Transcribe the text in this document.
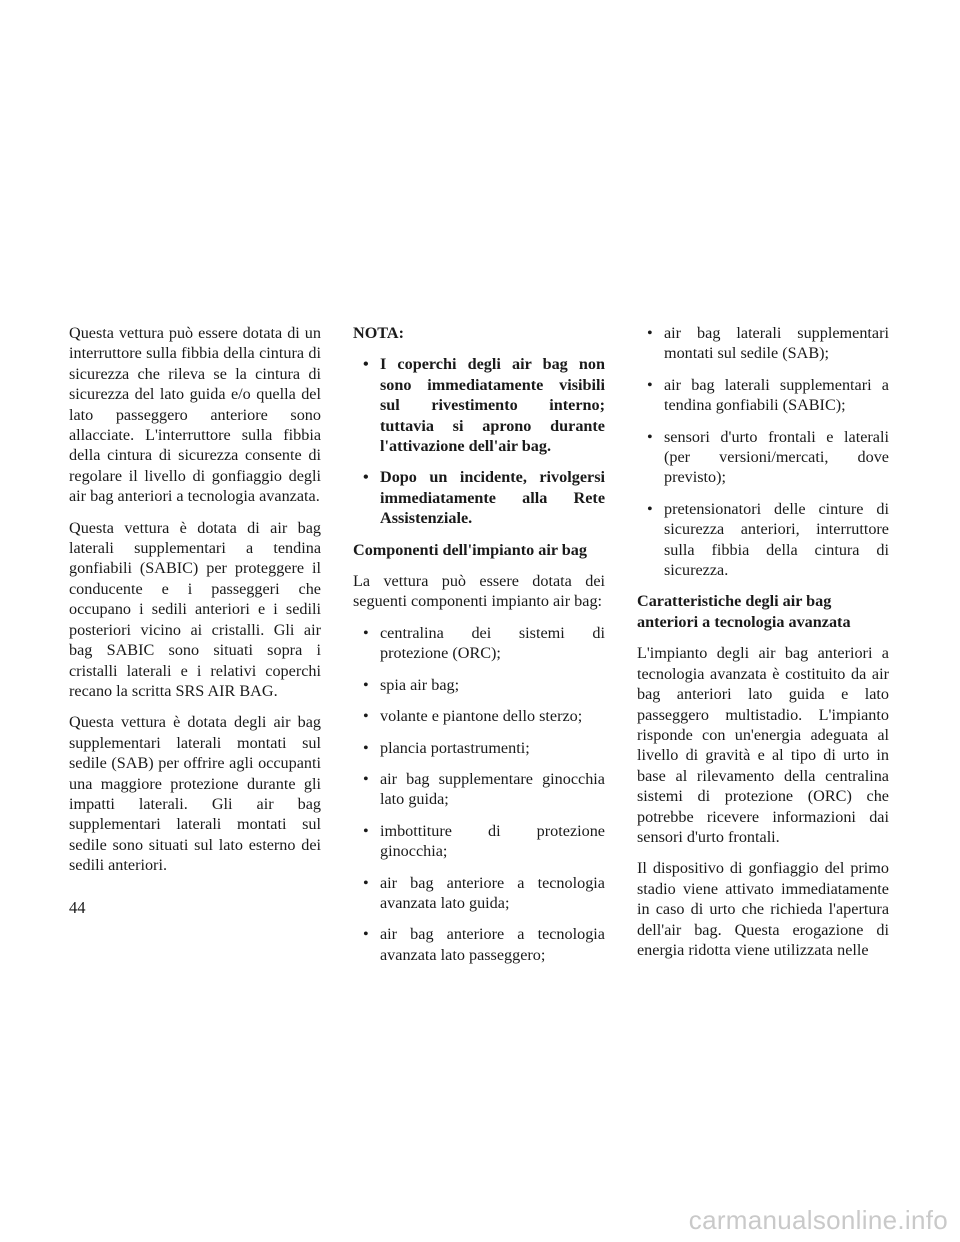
Questa vettura può essere dotata di un interruttore sulla fibbia della cintura di sicurezza che rileva se la cintura di sicurezza del lato guida e/o quella del lato passeggero anteriore sono allacciate. L'interruttore sulla fibbia della cintura di sicurezza consente di regolare il livello di gonfiaggio degli air bag anteriori a tecnologia avanzata.

Questa vettura è dotata di air bag laterali supplementari a tendina gonfiabili (SABIC) per proteggere il conducente e i passeggeri che occupano i sedili anteriori e i sedili posteriori vicino ai cristalli. Gli air bag SABIC sono situati sopra i cristalli laterali e i relativi coperchi recano la scritta SRS AIR BAG.

Questa vettura è dotata degli air bag supplementari laterali montati sul sedile (SAB) per offrire agli occupanti una maggiore protezione durante gli impatti laterali. Gli air bag supplementari laterali montati sul sedile sono situati sul lato esterno dei sedili anteriori.

NOTA:

• I coperchi degli air bag non sono immediatamente visibili sul rivestimento interno; tuttavia si aprono durante l'attivazione dell'air bag.
• Dopo un incidente, rivolgersi immediatamente alla Rete Assistenziale.

Componenti dell'impianto air bag

La vettura può essere dotata dei seguenti componenti impianto air bag:

• centralina dei sistemi di protezione (ORC);
• spia air bag;
• volante e piantone dello sterzo;
• plancia portastrumenti;
• air bag supplementare ginocchia lato guida;
• imbottiture di protezione ginocchia;
• air bag anteriore a tecnologia avanzata lato guida;
• air bag anteriore a tecnologia avanzata lato passeggero;
• air bag laterali supplementari montati sul sedile (SAB);
• air bag laterali supplementari a tendina gonfiabili (SABIC);
• sensori d'urto frontali e laterali (per versioni/mercati, dove previsto);
• pretensionatori delle cinture di sicurezza anteriori, interruttore sulla fibbia della cintura di sicurezza.

Caratteristiche degli air bag
anteriori a tecnologia avanzata

L'impianto degli air bag anteriori a tecnologia avanzata è costituito da air bag anteriori lato guida e lato passeggero multistadio. L'impianto risponde con un'energia adeguata al livello di gravità e al tipo di urto in base al rilevamento della centralina sistemi di protezione (ORC) che potrebbe ricevere informazioni dai sensori d'urto frontali.

Il dispositivo di gonfiaggio del primo stadio viene attivato immediatamente in caso di urto che richieda l'apertura dell'air bag. Questa erogazione di energia ridotta viene utilizzata nelle

44
carmanualsonline.info
